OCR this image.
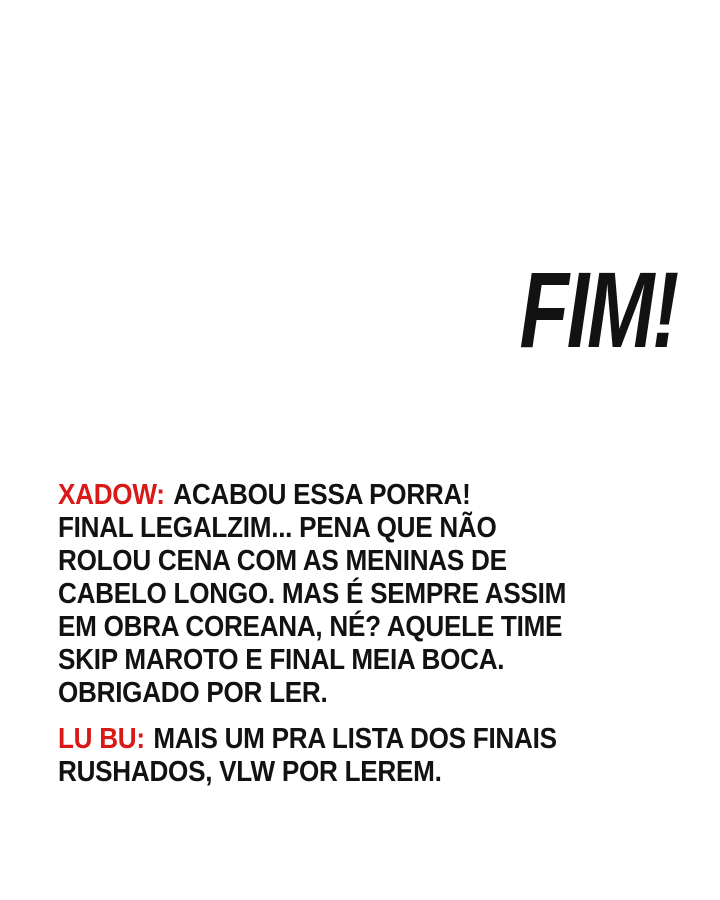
FIM!

XADOW: ACABOU ESSA PORRA!
FINAL LEGALZIM... PENA QUE NÃO
ROLOU CENA COM AS MENINAS DE
CABELO LONGO. MAS É SEMPRE ASSIM
EM OBRA COREANA, NÉ? AQUELE TIME
SKIP MAROTO E FINAL MEIA BOCA.
OBRIGADO POR LER.

LU BU: MAIS UM PRA LISTA DOS FINAIS
RUSHADOS, VLW POR LEREM.
